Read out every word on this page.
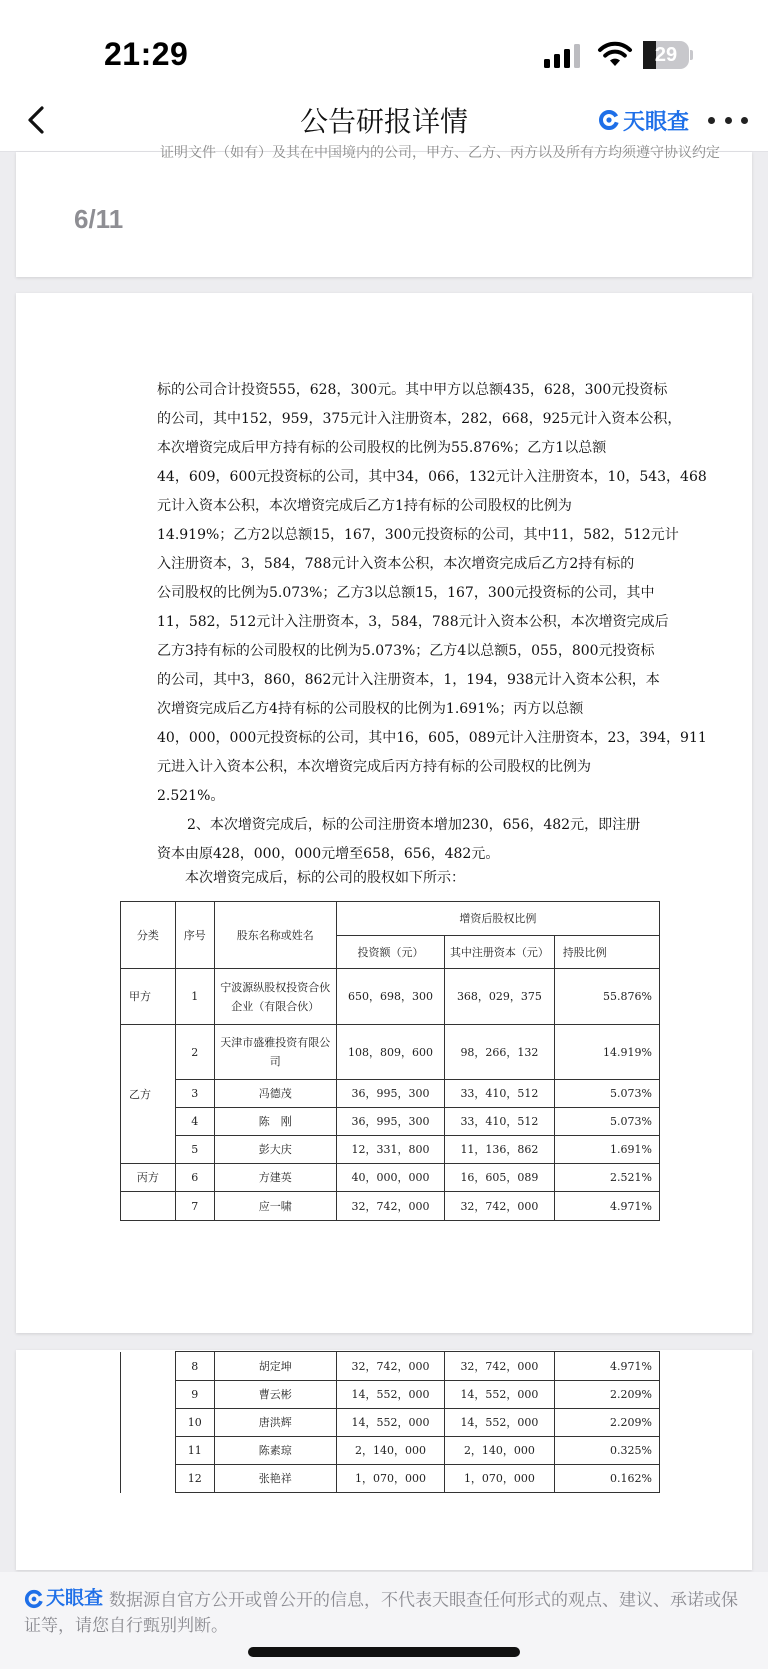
21:29	29
公告研报详情	天眼查
证明文件（如有）及其在中国境内的公司，甲方、乙方、丙方以及所有方均须遵守协议约定
6/11
标的公司合计投资555，628，300元。其中甲方以总额435，628，300元投资标
的公司，其中152，959，375元计入注册资本，282，668，925元计入资本公积，
本次增资完成后甲方持有标的公司股权的比例为55.876%；乙方1以总额
44，609，600元投资标的公司，其中34，066，132元计入注册资本，10，543，468
元计入资本公积，本次增资完成后乙方1持有标的公司股权的比例为
14.919%；乙方2以总额15，167，300元投资标的公司，其中11，582，512元计
入注册资本，3，584，788元计入资本公积，本次增资完成后乙方2持有标的
公司股权的比例为5.073%；乙方3以总额15，167，300元投资标的公司，其中
11，582，512元计入注册资本，3，584，788元计入资本公积，本次增资完成后
乙方3持有标的公司股权的比例为5.073%；乙方4以总额5，055，800元投资标
的公司，其中3，860，862元计入注册资本，1，194，938元计入资本公积，本
次增资完成后乙方4持有标的公司股权的比例为1.691%；丙方以总额
40，000，000元投资标的公司，其中16，605，089元计入注册资本，23，394，911
元进入计入资本公积，本次增资完成后丙方持有标的公司股权的比例为
2.521%。
2、本次增资完成后，标的公司注册资本增加230，656，482元，即注册
资本由原428，000，000元增至658，656，482元。
本次增资完成后，标的公司的股权如下所示：
分类	序号	股东名称或姓名	增资后股权比例		
			投资额（元）	其中注册资本（元）	持股比例
甲方	1	宁波源纵股权投资合伙企业（有限合伙）	650，698，300	368，029，375	55.876%
乙方	2	天津市盛雅投资有限公司	108，809，600	98，266，132	14.919%
	3	冯德茂	36，995，300	33，410，512	5.073%
	4	陈　刚	36，995，300	33，410，512	5.073%
	5	彭大庆	12，331，800	11，136，862	1.691%
丙方	6	方建英	40，000，000	16，605，089	2.521%
	7	应一啸	32，742，000	32，742，000	4.971%
	8	胡定坤	32，742，000	32，742，000	4.971%
	9	曹云彬	14，552，000	14，552，000	2.209%
	10	唐洪辉	14，552，000	14，552，000	2.209%
	11	陈素琼	2，140，000	2，140，000	0.325%
	12	张艳祥	1，070，000	1，070，000	0.162%
天眼查 数据源自官方公开或曾公开的信息，不代表天眼查任何形式的观点、建议、承诺或保证等，请您自行甄别判断。
